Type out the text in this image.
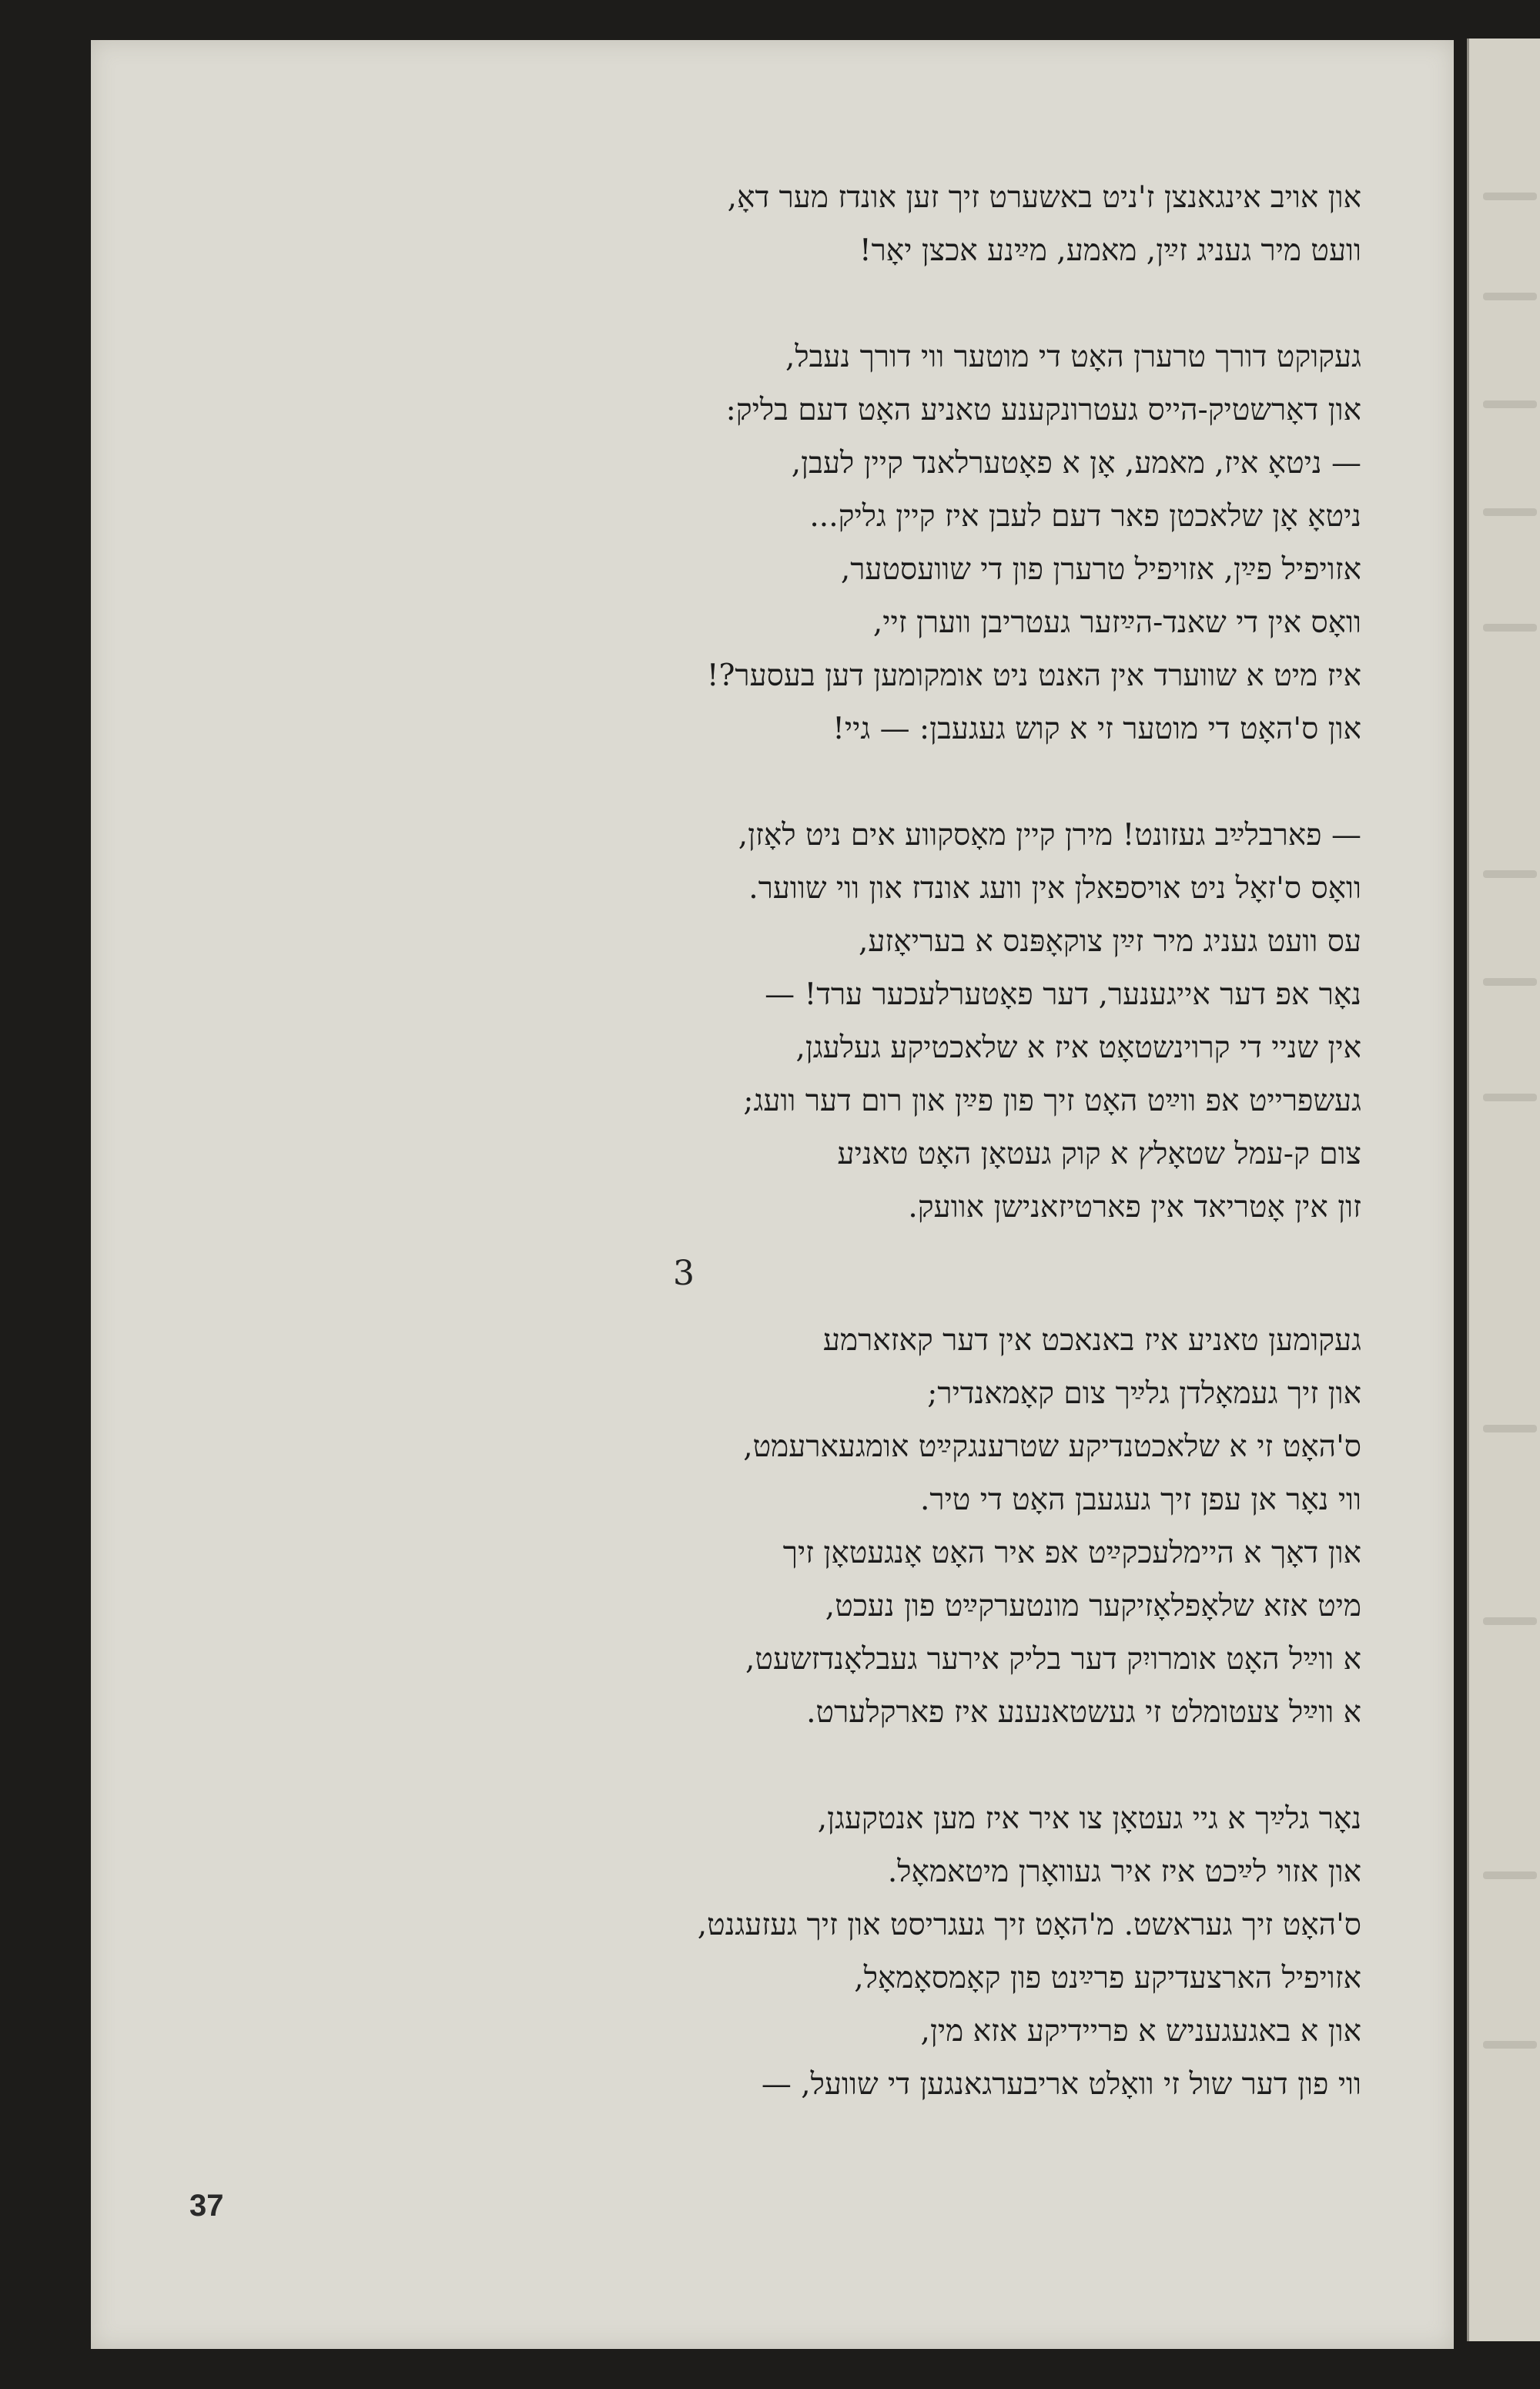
און אויב אינגאנצן ז'ניט באשערט זיך זען אונדז מער דאָ,
וועט מיר געניג זײַן, מאמע, מײַנע אכצן יאָר!
געקוקט דורך טרערן האָט די מוטער ווי דורך נעבל,
און דאָרשטיק-הייס געטרונקענע טאניע האָט דעם בליק:
— ניטאָ איז, מאמע, אָן א פאָטערלאנד קיין לעבן,
ניטאָ אָן שלאכטן פאר דעם לעבן איז קיין גליק...
אזויפיל פײַן, אזויפיל טרערן פון די שוועסטער,
וואָס אין די שאנד-הײַזער געטריבן ווערן זיי,
איז מיט א שווערד אין האנט ניט אומקומען דען בעסער?!
און ס'האָט די מוטער זי א קוש געגעבן: — גיי!
— פארבלײַב געזונט! מירן קיין מאָסקווע אים ניט לאָזן,
וואָס ס'זאָל ניט אויספאלן אין וועג אונדז און ווי שווער.
עס וועט געניג מיר זײַן צוקאָפּנס א בעריאָזע,
נאָר אפ דער אייגענער, דער פאָטערלעכער ערד! —
אין שניי די קרוינשטאָט איז א שלאכטיקע געלעגן,
געשפרייט אפ ווײַט האָט זיך פון פײַן און רום דער וועג;
צום ק-עמל שטאָלץ א קוק געטאָן האָט טאניע
זון אין אָטריאד אין פארטיזאנישן אוועק.
3
געקומען טאניע איז באנאכט אין דער קאזארמע
און זיך געמאָלדן גלײַך צום קאָמאנדיר;
ס'האָט זי א שלאכטנדיקע שטרענגקײַט אומגעארעמט,
ווי נאָר אן עפן זיך געגעבן האָט די טיר.
און דאָך א היימלעכקײַט אפ איר האָט אָנגעטאָן זיך
מיט אזא שלאָפלאָזיקער מונטערקײַט פון נעכט,
א ווײַל האָט אומרויִק דער בליק אירער געבלאָנדזשעט,
א ווײַל צעטומלט זי געשטאנענע איז פארקלערט.
נאָר גלײַך א גיי געטאָן צו איר איז מען אנטקעגן,
און אזוי לײַכט איז איר געוואָרן מיטאמאָל.
ס'האָט זיך געראשט. מ'האָט זיך געגריסט און זיך געזעגנט,
אזויפיל הארצעדיקע פרײַנט פון קאָמסאָמאָל,
און א באגעגעניש א פריידיקע אזא מין,
ווי פון דער שול זי וואָלט אריבערגאנגען די שוועל, —
37
